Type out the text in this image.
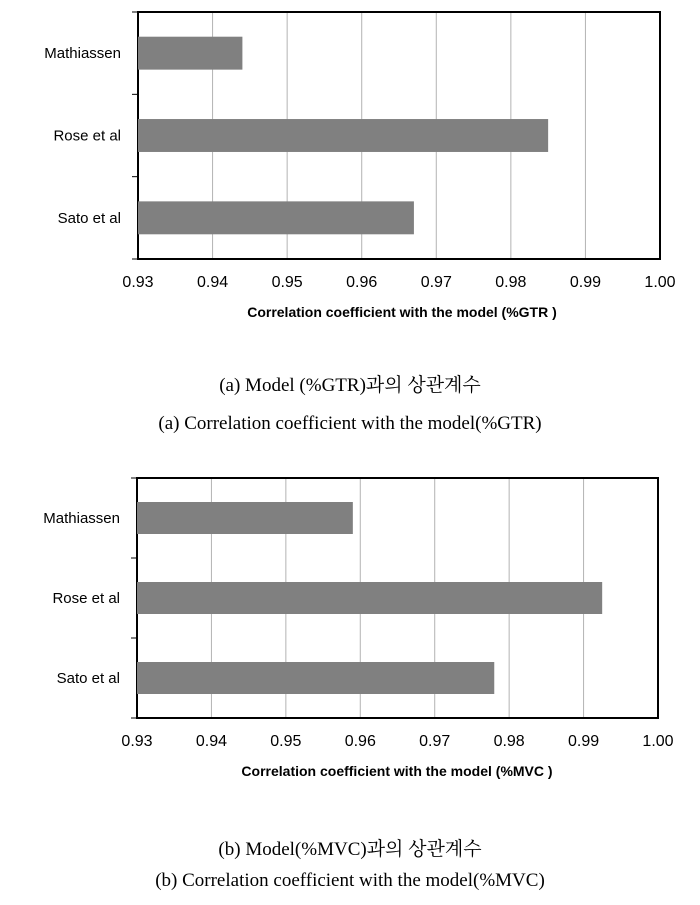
Mathiassen
Rose et al
Sato et al
0.93	0.94	0.95	0.96	0.97	0.98	0.99	1.00
Correlation coefficient with the model (%GTR )
(a) Model (%GTR)과의 상관계수
(a) Correlation coefficient with the model(%GTR)
Mathiassen
Rose et al
Sato et al
0.93	0.94	0.95	0.96	0.97	0.98	0.99	1.00
Correlation coefficient with the model (%MVC )
(b) Model(%MVC)과의 상관계수
(b) Correlation coefficient with the model(%MVC)
